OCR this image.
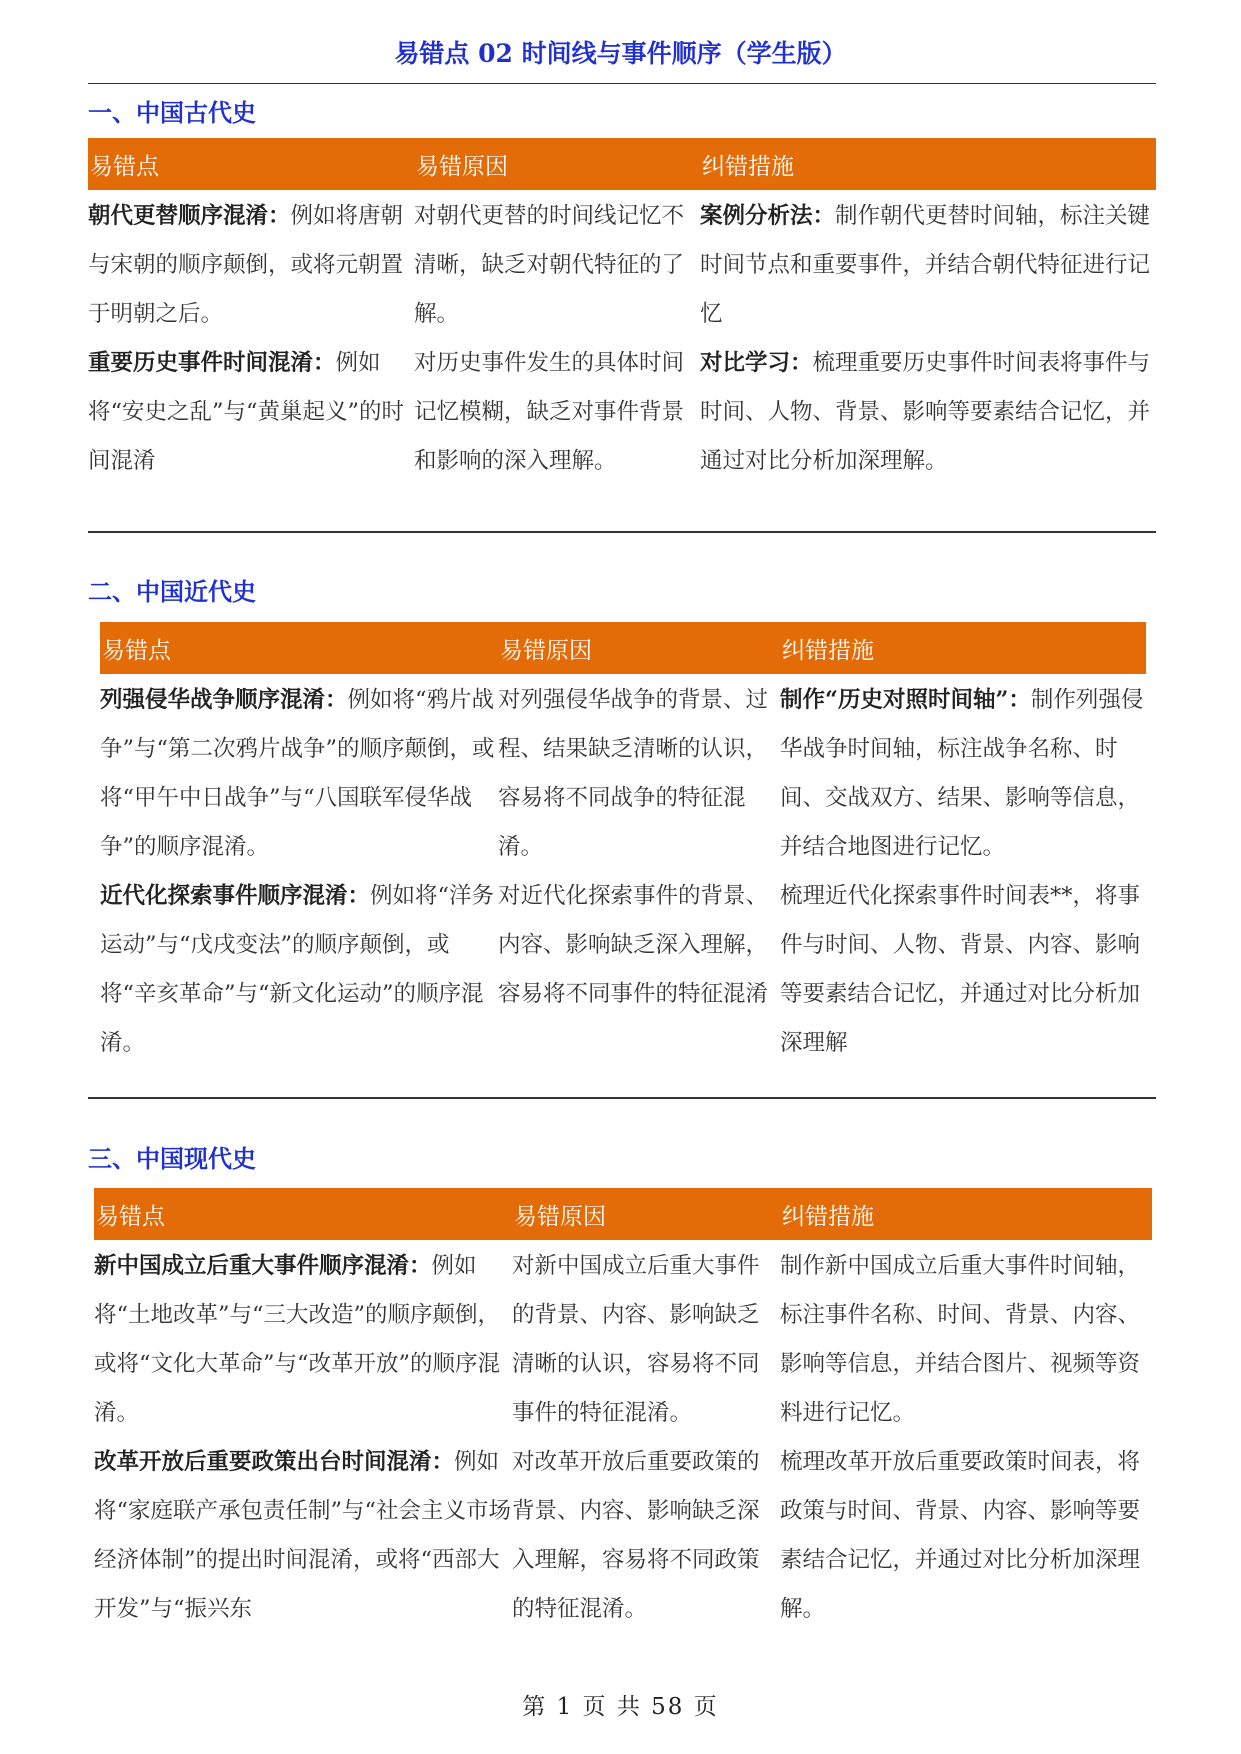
易错点 02 时间线与事件顺序（学生版）
一、中国古代史
易错点	易错原因	纠错措施
朝代更替顺序混淆：例如将唐朝与宋朝的顺序颠倒，或将元朝置于明朝之后。	对朝代更替的时间线记忆不清晰，缺乏对朝代特征的了解。	案例分析法：制作朝代更替时间轴，标注关键时间节点和重要事件，并结合朝代特征进行记忆
重要历史事件时间混淆：例如将“安史之乱”与“黄巢起义”的时间混淆	对历史事件发生的具体时间记忆模糊，缺乏对事件背景和影响的深入理解。	对比学习：梳理重要历史事件时间表将事件与时间、人物、背景、影响等要素结合记忆，并通过对比分析加深理解。
二、中国近代史
易错点	易错原因	纠错措施
列强侵华战争顺序混淆：例如将“鸦片战争”与“第二次鸦片战争”的顺序颠倒，或将“甲午中日战争”与“八国联军侵华战争”的顺序混淆。	对列强侵华战争的背景、过程、结果缺乏清晰的认识，容易将不同战争的特征混淆。	制作“历史对照时间轴”：制作列强侵华战争时间轴，标注战争名称、时间、交战双方、结果、影响等信息，并结合地图进行记忆。
近代化探索事件顺序混淆：例如将“洋务运动”与“戊戌变法”的顺序颠倒，或将“辛亥革命”与“新文化运动”的顺序混淆。	对近代化探索事件的背景、内容、影响缺乏深入理解，容易将不同事件的特征混淆	梳理近代化探索事件时间表**，将事件与时间、人物、背景、内容、影响等要素结合记忆，并通过对比分析加深理解
三、中国现代史
易错点	易错原因	纠错措施
新中国成立后重大事件顺序混淆：例如将“土地改革”与“三大改造”的顺序颠倒，或将“文化大革命”与“改革开放”的顺序混淆。	对新中国成立后重大事件的背景、内容、影响缺乏清晰的认识，容易将不同事件的特征混淆。	制作新中国成立后重大事件时间轴，标注事件名称、时间、背景、内容、影响等信息，并结合图片、视频等资料进行记忆。
改革开放后重要政策出台时间混淆：例如将“家庭联产承包责任制”与“社会主义市场经济体制”的提出时间混淆，或将“西部大开发”与“振兴东	对改革开放后重要政策的背景、内容、影响缺乏深入理解，容易将不同政策的特征混淆。	梳理改革开放后重要政策时间表，将政策与时间、背景、内容、影响等要素结合记忆，并通过对比分析加深理解。
第 1 页 共 58 页
